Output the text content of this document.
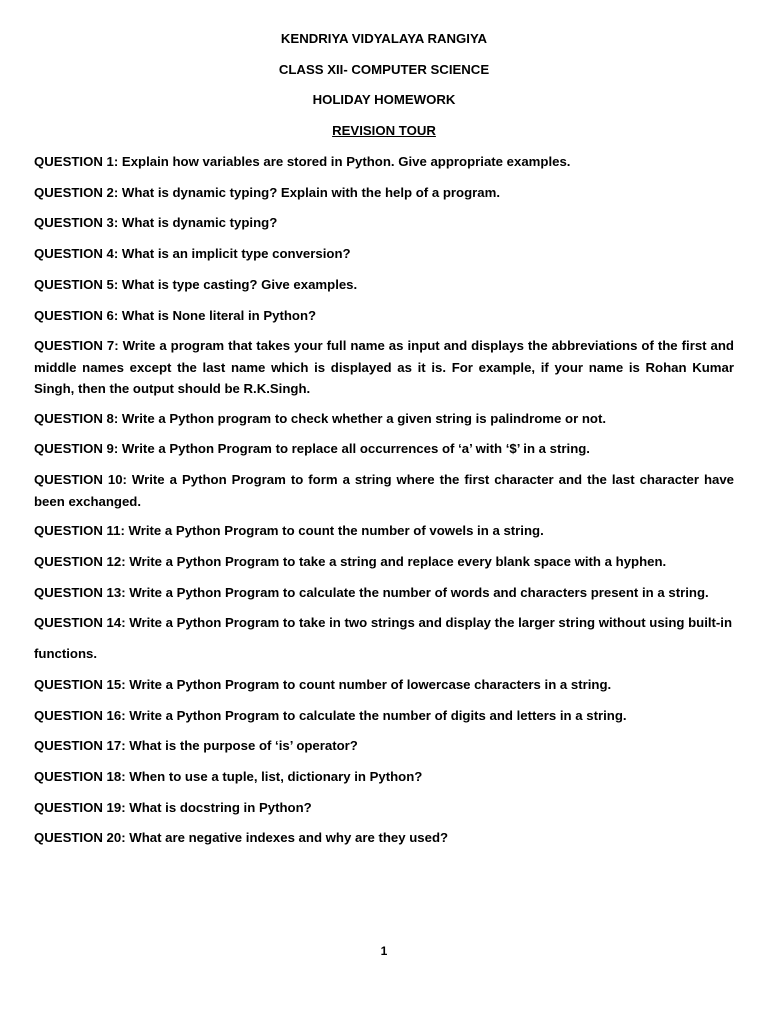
KENDRIYA VIDYALAYA RANGIYA
CLASS XII- COMPUTER SCIENCE
HOLIDAY HOMEWORK
REVISION TOUR
QUESTION 1: Explain how variables are stored in Python. Give appropriate examples.
QUESTION 2: What is dynamic typing? Explain with the help of a program.
QUESTION 3: What is dynamic typing?
QUESTION 4: What is an implicit type conversion?
QUESTION 5: What is type casting? Give examples.
QUESTION 6: What is None literal in Python?
QUESTION 7: Write a program that takes your full name as input and displays the abbreviations of the first and middle names except the last name which is displayed as it is. For example, if your name is Rohan Kumar Singh, then the output should be R.K.Singh.
QUESTION 8: Write a Python program to check whether a given string is palindrome or not.
QUESTION 9: Write a Python Program to replace all occurrences of ‘a’ with ‘$’ in a string.
QUESTION 10: Write a Python Program to form a string where the first character and the last character have been exchanged.
QUESTION 11: Write a Python Program to count the number of vowels in a string.
QUESTION 12: Write a Python Program to take a string and replace every blank space with a hyphen.
QUESTION 13: Write a Python Program to calculate the number of words and characters present in a string.
QUESTION 14: Write a Python Program to take in two strings and display the larger string without using built-in
functions.
QUESTION 15: Write a Python Program to count number of lowercase characters in a string.
QUESTION 16: Write a Python Program to calculate the number of digits and letters in a string.
QUESTION 17: What is the purpose of ‘is’ operator?
QUESTION 18: When to use a tuple, list, dictionary in Python?
QUESTION 19: What is docstring in Python?
QUESTION 20: What are negative indexes and why are they used?
1
